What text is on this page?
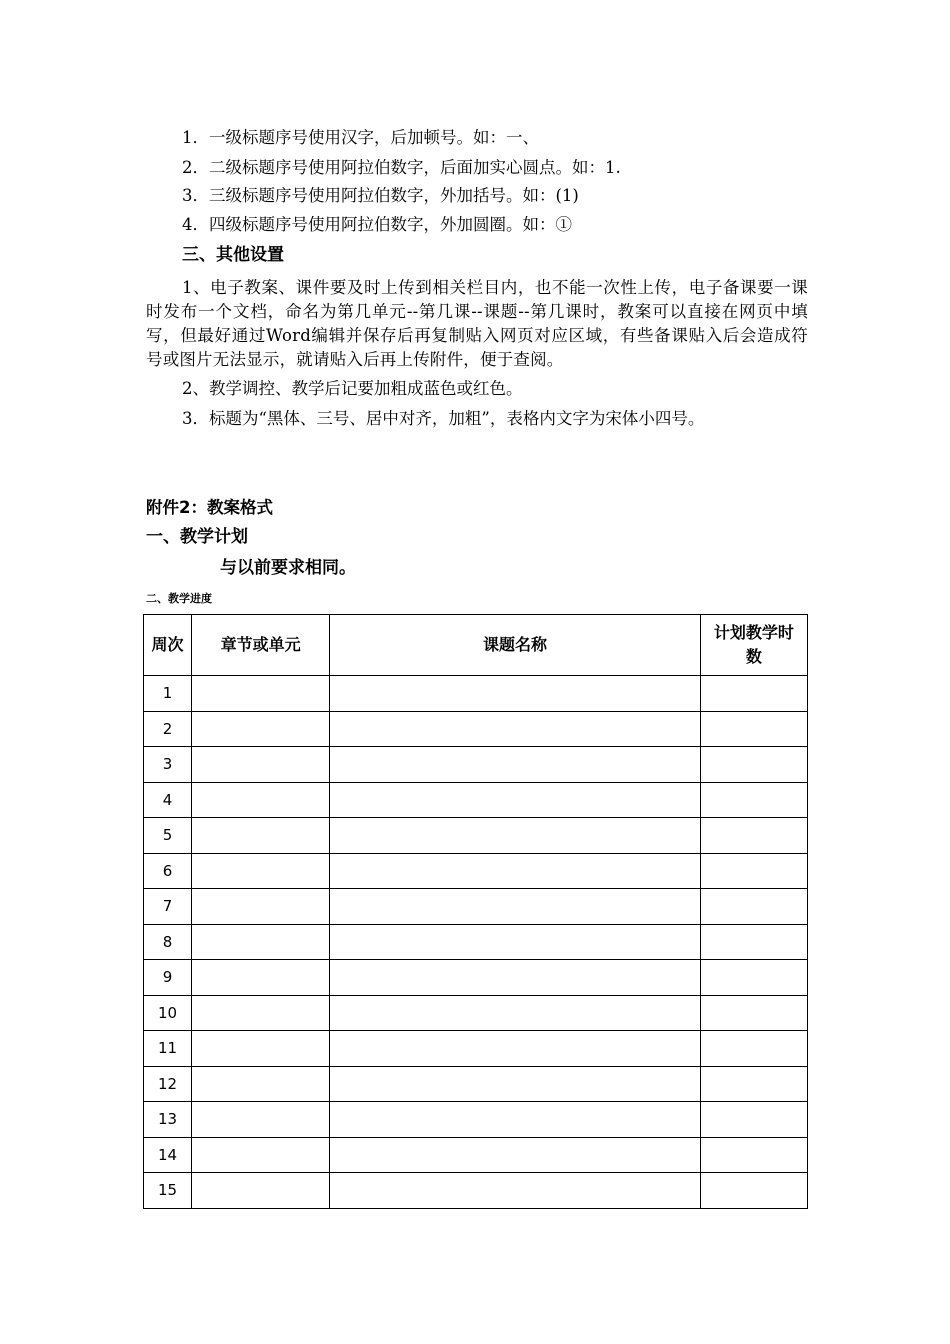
1．一级标题序号使用汉字，后加顿号。如：一、
2．二级标题序号使用阿拉伯数字，后面加实心圆点。如：1.
3．三级标题序号使用阿拉伯数字，外加括号。如：(1)
4．四级标题序号使用阿拉伯数字，外加圆圈。如：①
三、其他设置
1、电子教案、课件要及时上传到相关栏目内，也不能一次性上传，电子备课要一课时发布一个文档，命名为第几单元--第几课--课题--第几课时，教案可以直接在网页中填写，但最好通过Word编辑并保存后再复制贴入网页对应区域，有些备课贴入后会造成符号或图片无法显示，就请贴入后再上传附件，便于查阅。
2、教学调控、教学后记要加粗成蓝色或红色。
3．标题为“黑体、三号、居中对齐，加粗”，表格内文字为宋体小四号。
附件2：教案格式
一、教学计划
与以前要求相同。
二、教学进度
周次	章节或单元	课题名称	计划教学时
数
1			
2			
3			
4			
5			
6			
7			
8			
9			
10			
11			
12			
13			
14			
15			
